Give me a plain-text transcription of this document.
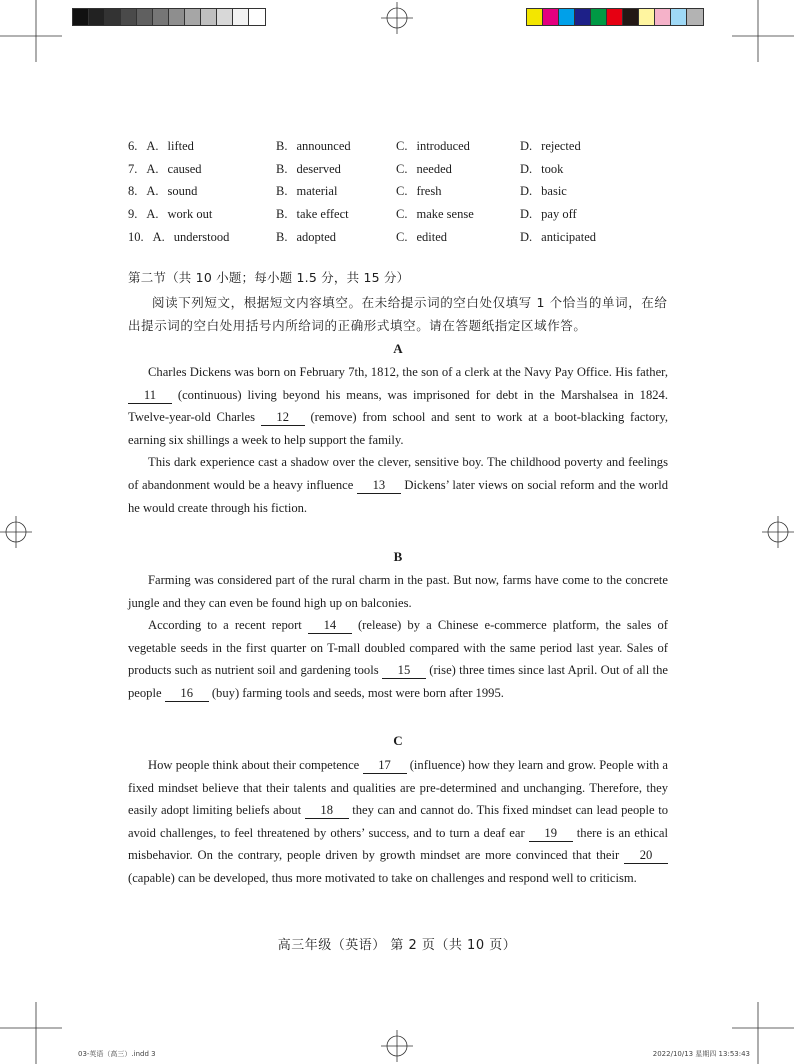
6. A. lifted	B. announced	C. introduced	D. rejected
7. A. caused	B. deserved	C. needed	D. took
8. A. sound	B. material	C. fresh	D. basic
9. A. work out	B. take effect	C. make sense	D. pay off
10. A. understood	B. adopted	C. edited	D. anticipated
第二节（共 10 小题；每小题 1.5 分，共 15 分）
阅读下列短文，根据短文内容填空。在未给提示词的空白处仅填写 1 个恰当的单词，在给出提示词的空白处用括号内所给词的正确形式填空。请在答题纸指定区域作答。
A

Charles Dickens was born on February 7th, 1812, the son of a clerk at the Navy Pay Office. His father, 11 (continuous) living beyond his means, was imprisoned for debt in the Marshalsea in 1824. Twelve-year-old Charles 12 (remove) from school and sent to work at a boot-blacking factory, earning six shillings a week to help support the family.

This dark experience cast a shadow over the clever, sensitive boy. The childhood poverty and feelings of abandonment would be a heavy influence 13 Dickens’ later views on social reform and the world he would create through his fiction.

B

Farming was considered part of the rural charm in the past. But now, farms have come to the concrete jungle and they can even be found high up on balconies.

According to a recent report 14 (release) by a Chinese e-commerce platform, the sales of vegetable seeds in the first quarter on T-mall doubled compared with the same period last year. Sales of products such as nutrient soil and gardening tools 15 (rise) three times since last April. Out of all the people 16 (buy) farming tools and seeds, most were born after 1995.

C

How people think about their competence 17 (influence) how they learn and grow. People with a fixed mindset believe that their talents and qualities are pre-determined and unchanging. Therefore, they easily adopt limiting beliefs about 18 they can and cannot do. This fixed mindset can lead people to avoid challenges, to feel threatened by others’ success, and to turn a deaf ear 19 there is an ethical misbehavior. On the contrary, people driven by growth mindset are more convinced that their 20 (capable) can be developed, thus more motivated to take on challenges and respond well to criticism.

高三年级（英语） 第 2 页（共 10 页）
03-英语（高三）.indd 3	2022/10/13 星期四 13:53:43
